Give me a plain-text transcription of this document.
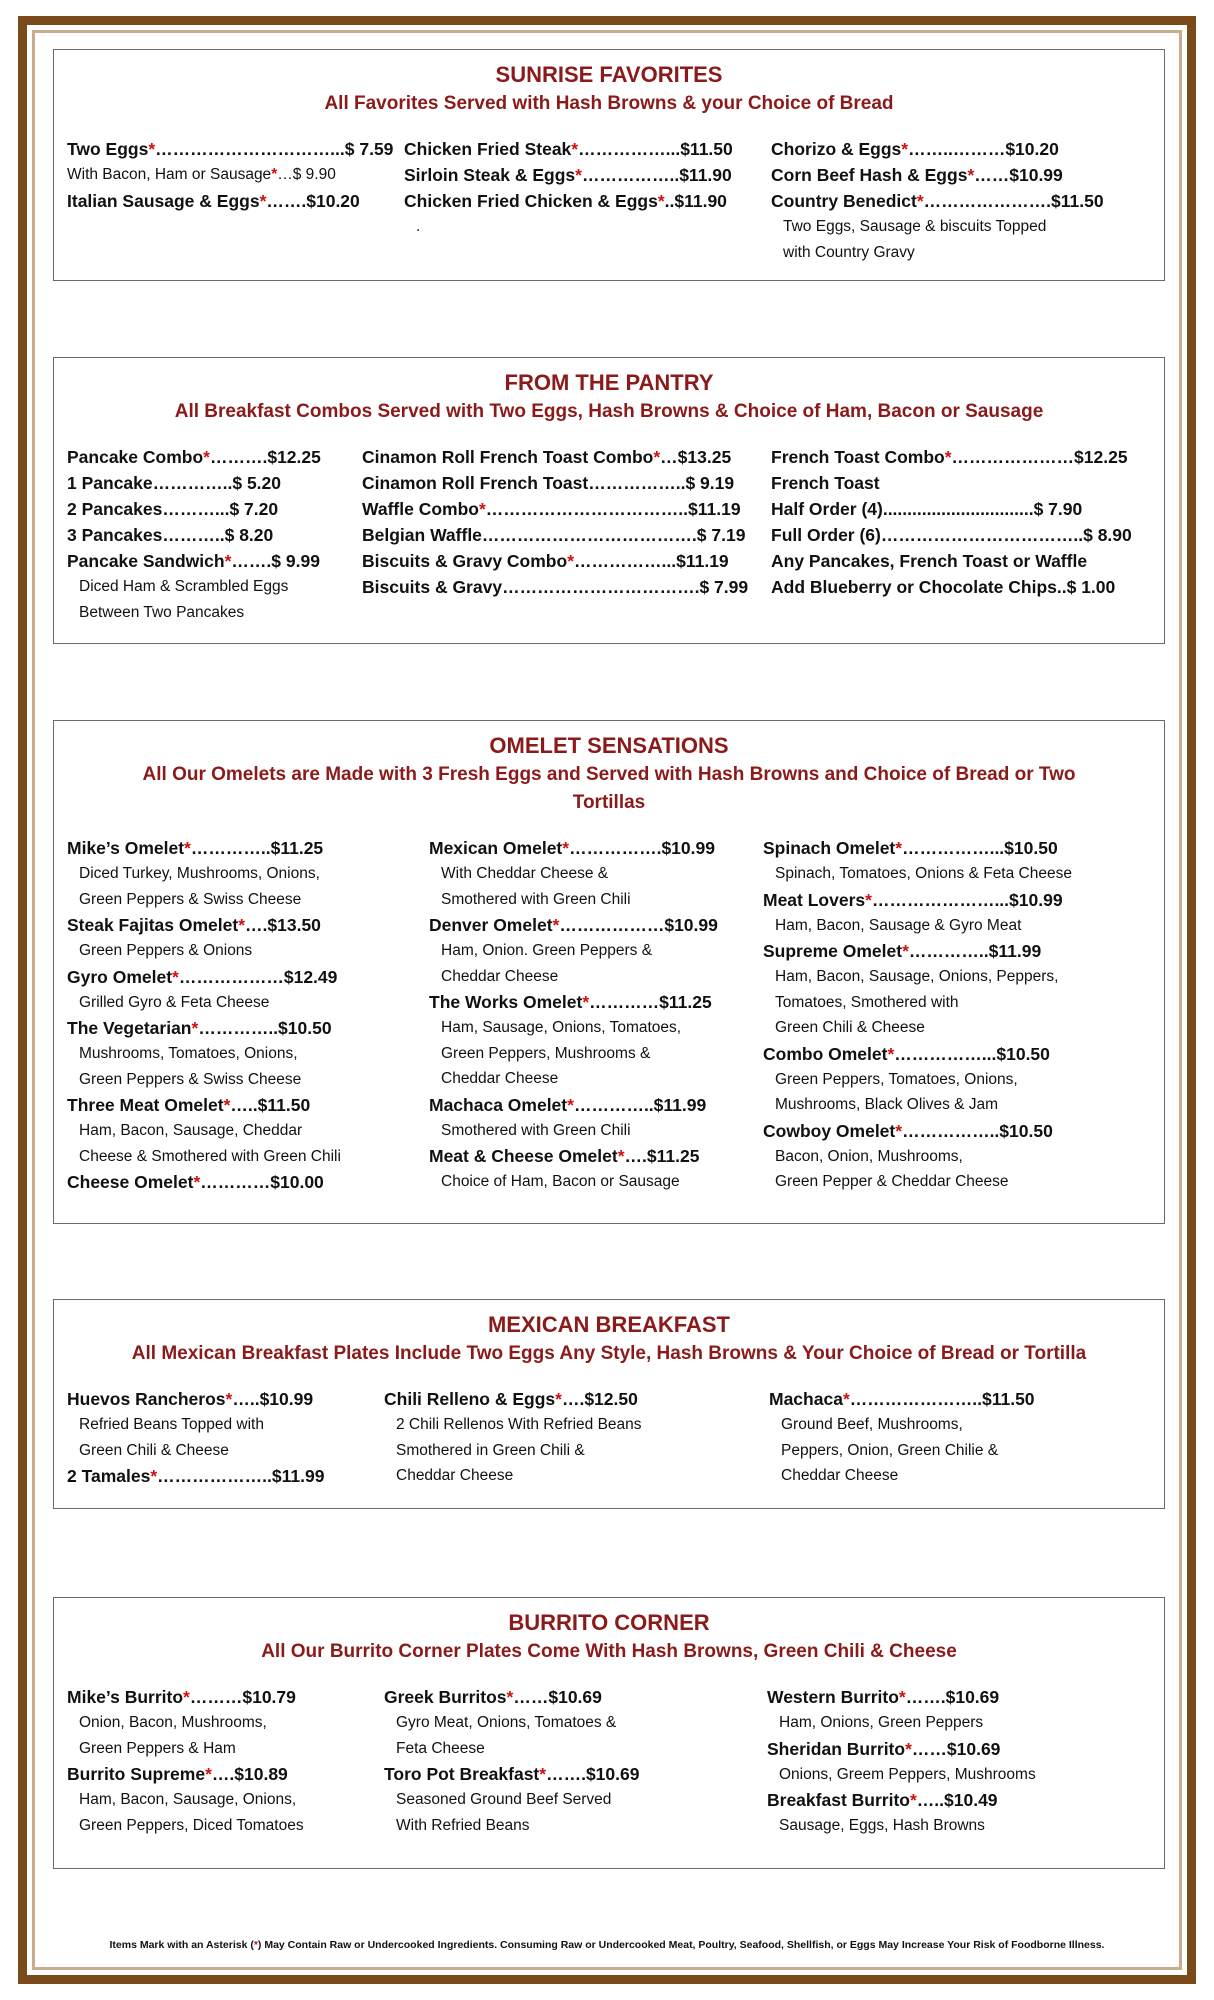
SUNRISE FAVORITES
All Favorites Served with Hash Browns & your Choice of Bread
Two Eggs*…………………………...$ 7.59
With Bacon, Ham or Sausage*…$ 9.90
Italian Sausage & Eggs*…….$10.20
Chicken Fried Steak*……………...$11.50
Sirloin Steak & Eggs*……………..$11.90
Chicken Fried Chicken & Eggs*..$11.90
.
Chorizo & Eggs*……..………$10.20
Corn Beef Hash & Eggs*……$10.99
Country Benedict*………………….$11.50
Two Eggs, Sausage & biscuits Topped
with Country Gravy
FROM THE PANTRY
All Breakfast Combos Served with Two Eggs, Hash Browns & Choice of Ham, Bacon or Sausage
Pancake Combo*……….$12.25
1 Pancake…………..$ 5.20
2 Pancakes………...$ 7.20
3 Pancakes………..$ 8.20
Pancake Sandwich*…….$ 9.99
Diced Ham & Scrambled Eggs
Between Two Pancakes
Cinamon Roll French Toast Combo*…$13.25
Cinamon Roll French Toast……………..$ 9.19
Waffle Combo*……………………………..$11.19
Belgian Waffle……………………………….$ 7.19
Biscuits & Gravy Combo*……………...$11.19
Biscuits & Gravy…………………………….$ 7.99
French Toast Combo*…………………$12.25
French Toast
Half Order (4)...............................$ 7.90
Full Order (6)……………………………..$ 8.90
Any Pancakes, French Toast or Waffle
Add Blueberry or Chocolate Chips..$ 1.00
OMELET SENSATIONS
All Our Omelets are Made with 3 Fresh Eggs and Served with Hash Browns and Choice of Bread or Two Tortillas
Mike’s Omelet*…………..$11.25
Diced Turkey, Mushrooms, Onions,
Green Peppers & Swiss Cheese
Steak Fajitas Omelet*….$13.50
Green Peppers & Onions
Gyro Omelet*………………$12.49
Grilled Gyro & Feta Cheese
The Vegetarian*…………..$10.50
Mushrooms, Tomatoes, Onions,
Green Peppers & Swiss Cheese
Three Meat Omelet*…..$11.50
Ham, Bacon, Sausage, Cheddar
Cheese & Smothered with Green Chili
Cheese Omelet*…………$10.00
Mexican Omelet*…………….$10.99
With Cheddar Cheese &
Smothered with Green Chili
Denver Omelet*………………$10.99
Ham, Onion. Green Peppers &
Cheddar Cheese
The Works Omelet*…………$11.25
Ham, Sausage, Onions, Tomatoes,
Green Peppers, Mushrooms &
Cheddar Cheese
Machaca Omelet*…………..$11.99
Smothered with Green Chili
Meat & Cheese Omelet*….$11.25
Choice of Ham, Bacon or Sausage
Spinach Omelet*……………...$10.50
Spinach, Tomatoes, Onions & Feta Cheese
Meat Lovers*…………………...$10.99
Ham, Bacon, Sausage & Gyro Meat
Supreme Omelet*…………..$11.99
Ham, Bacon, Sausage, Onions, Peppers,
Tomatoes, Smothered with
Green Chili & Cheese
Combo Omelet*……………...$10.50
Green Peppers, Tomatoes, Onions,
Mushrooms, Black Olives & Jam
Cowboy Omelet*……………..$10.50
Bacon, Onion, Mushrooms,
Green Pepper & Cheddar Cheese
MEXICAN BREAKFAST
All Mexican Breakfast Plates Include Two Eggs Any Style, Hash Browns & Your Choice of Bread or Tortilla
Huevos Rancheros*…..$10.99
Refried Beans Topped with
Green Chili & Cheese
2 Tamales*………………..$11.99
Chili Relleno & Eggs*….$12.50
2 Chili Rellenos With Refried Beans
Smothered in Green Chili &
Cheddar Cheese
Machaca*…………………..$11.50
Ground Beef, Mushrooms,
Peppers, Onion, Green Chilie &
Cheddar Cheese
BURRITO CORNER
All Our Burrito Corner Plates Come With Hash Browns, Green Chili & Cheese
Mike’s Burrito*………$10.79
Onion, Bacon, Mushrooms,
Green Peppers & Ham
Burrito Supreme*….$10.89
Ham, Bacon, Sausage, Onions,
Green Peppers, Diced Tomatoes
Greek Burritos*……$10.69
Gyro Meat, Onions, Tomatoes &
Feta Cheese
Toro Pot Breakfast*…….$10.69
Seasoned Ground Beef Served
With Refried Beans
Western Burrito*…….$10.69
Ham, Onions, Green Peppers
Sheridan Burrito*……$10.69
Onions, Greem Peppers, Mushrooms
Breakfast Burrito*…..$10.49
Sausage, Eggs, Hash Browns
Items Mark with an Asterisk (*) May Contain Raw or Undercooked Ingredients. Consuming Raw or Undercooked Meat, Poultry, Seafood, Shellfish, or Eggs May Increase Your Risk of Foodborne Illness.
